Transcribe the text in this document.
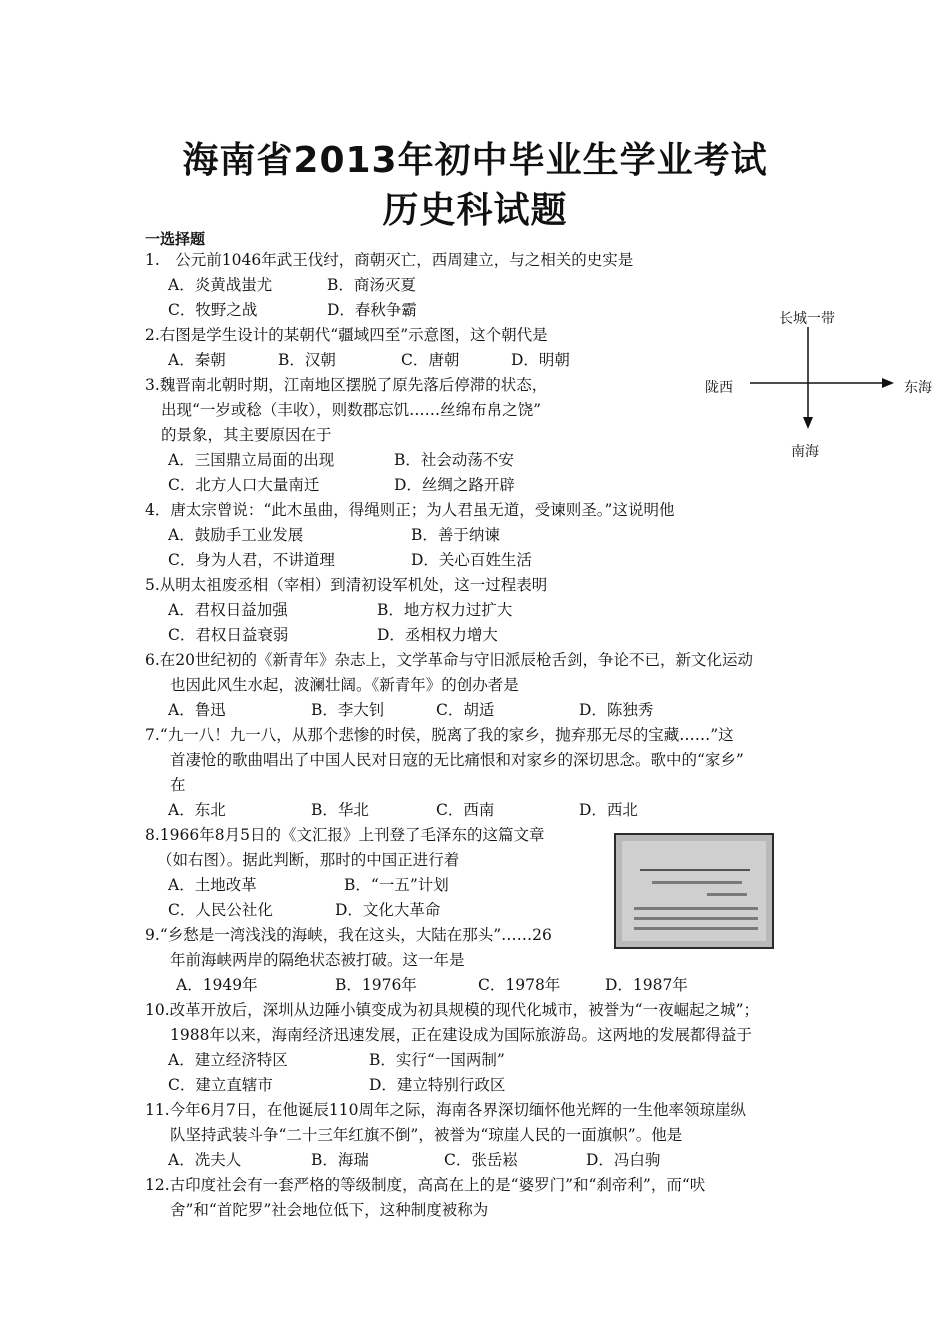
海南省2013年初中毕业生学业考试
历史科试题
一选择题
1.　公元前1046年武王伐纣，商朝灭亡，西周建立，与之相关的史实是
A．炎黄战蚩尤	B．商汤灭夏
C．牧野之战	D．春秋争霸
2.右图是学生设计的某朝代“疆域四至”示意图，这个朝代是
A．秦朝	B．汉朝	C．唐朝	D．明朝
长城一带
陇西	东海
南海
3.魏晋南北朝时期，江南地区摆脱了原先落后停滞的状态，
出现“一岁或稔（丰收），则数郡忘饥……丝绵布帛之饶”
的景象，其主要原因在于
A．三国鼎立局面的出现	B．社会动荡不安
C．北方人口大量南迁	D．丝绸之路开辟
4．唐太宗曾说：“此木虽曲，得绳则正；为人君虽无道，受谏则圣。”这说明他
A．鼓励手工业发展	B．善于纳谏
C．身为人君，不讲道理	D．关心百姓生活
5.从明太祖废丞相（宰相）到清初设军机处，这一过程表明
A．君权日益加强	B．地方权力过扩大
C．君权日益衰弱	D．丞相权力增大
6.在20世纪初的《新青年》杂志上，文学革命与守旧派辰枪舌剑，争论不已，新文化运动
也因此风生水起，波澜壮阔。《新青年》的创办者是
A．鲁迅	B．李大钊	C．胡适	D．陈独秀
7.“九一八！九一八，从那个悲惨的时侯，脱离了我的家乡，抛弃那无尽的宝藏……”这
首凄怆的歌曲唱出了中国人民对日寇的无比痛恨和对家乡的深切思念。歌中的“家乡”
在
A．东北	B．华北	C．西南	D．西北
8.1966年8月5日的《文汇报》上刊登了毛泽东的这篇文章
（如右图）。据此判断，那时的中国正进行着
A．土地改革	B．“一五”计划
C．人民公社化	D．文化大革命
9.“乡愁是一湾浅浅的海峡，我在这头，大陆在那头”……26
年前海峡两岸的隔绝状态被打破。这一年是
A．1949年	B．1976年	C．1978年	D．1987年
10.改革开放后，深圳从边陲小镇变成为初具规模的现代化城市，被誉为“一夜崛起之城”；
1988年以来，海南经济迅速发展，正在建设成为国际旅游岛。这两地的发展都得益于
A．建立经济特区	B．实行“一国两制”
C．建立直辖市	D．建立特别行政区
11.今年6月7日，在他诞辰110周年之际，海南各界深切缅怀他光辉的一生他率领琼崖纵
队坚持武装斗争“二十三年红旗不倒”，被誉为“琼崖人民的一面旗帜”。他是
A．冼夫人	B．海瑞	C．张岳崧	D．冯白驹
12.古印度社会有一套严格的等级制度，高高在上的是“婆罗门”和“刹帝利”，而“吠
舍”和“首陀罗”社会地位低下，这种制度被称为
